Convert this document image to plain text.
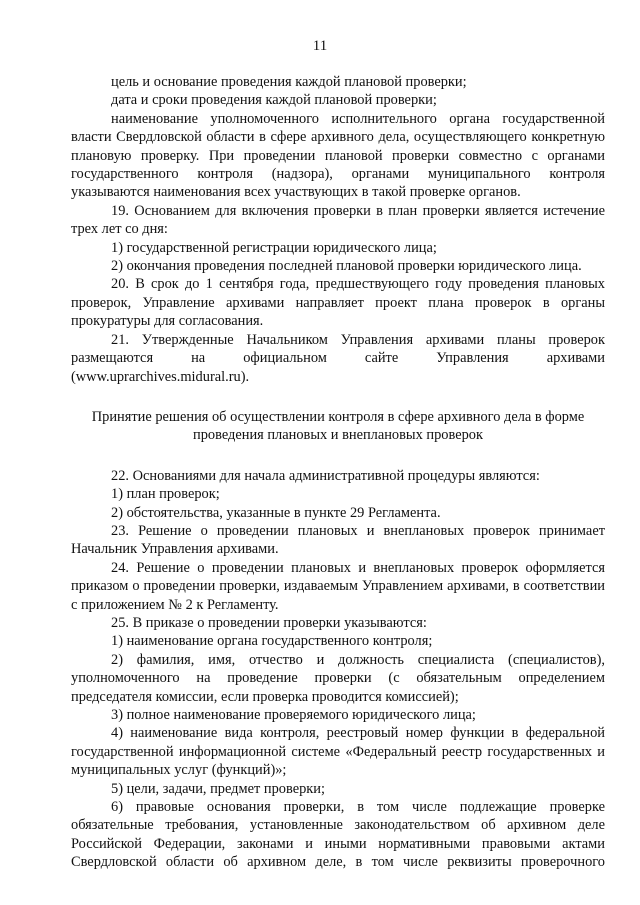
11

цель и основание проведения каждой плановой проверки;

дата и сроки проведения каждой плановой проверки;

наименование уполномоченного исполнительного органа государственной власти Свердловской области в сфере архивного дела, осуществляющего конкретную плановую проверку. При проведении плановой проверки совместно с органами государственного контроля (надзора), органами муниципального контроля указываются наименования всех участвующих в такой проверке органов.

19. Основанием для включения проверки в план проверки является истечение трех лет со дня:

1) государственной регистрации юридического лица;

2) окончания проведения последней плановой проверки юридического лица.

20. В срок до 1 сентября года, предшествующего году проведения плановых проверок, Управление архивами направляет проект плана проверок в органы прокуратуры для согласования.

21. Утвержденные Начальником Управления архивами планы проверок размещаются на официальном сайте Управления архивами (www.uprarchives.midural.ru).

Принятие решения об осуществлении контроля в сфере архивного дела в форме проведения плановых и внеплановых проверок

22. Основаниями для начала административной процедуры являются:

1) план проверок;

2) обстоятельства, указанные в пункте 29 Регламента.

23. Решение о проведении плановых и внеплановых проверок принимает Начальник Управления архивами.

24. Решение о проведении плановых и внеплановых проверок оформляется приказом о проведении проверки, издаваемым Управлением архивами, в соответствии с приложением № 2 к Регламенту.

25. В приказе о проведении проверки указываются:

1) наименование органа государственного контроля;

2) фамилия, имя, отчество и должность специалиста (специалистов), уполномоченного на проведение проверки (с обязательным определением председателя комиссии, если проверка проводится комиссией);

3) полное наименование проверяемого юридического лица;

4) наименование вида контроля, реестровый номер функции в федеральной государственной информационной системе «Федеральный реестр государственных и муниципальных услуг (функций)»;

5) цели, задачи, предмет проверки;

6) правовые основания проверки, в том числе подлежащие проверке обязательные требования, установленные законодательством об архивном деле Российской Федерации, законами и иными нормативными правовыми актами Свердловской области об архивном деле, в том числе реквизиты проверочного
